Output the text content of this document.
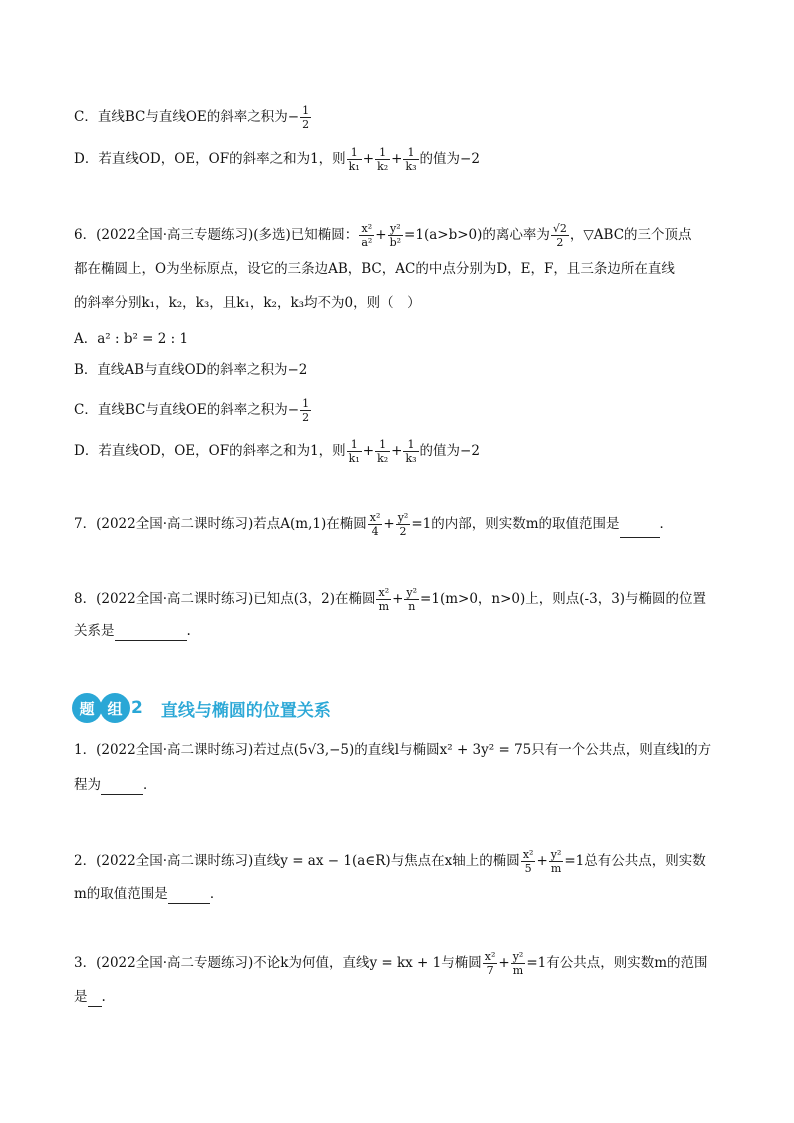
C．直线BC与直线OE的斜率之积为− $\frac{1}{2}$
D．若直线OD，OE，OF的斜率之和为1，则 $\frac{1}{\text{k₁}} + \frac{1}{\text{k₂}} + \frac{1}{\text{k₃}}$ 的值为−2
6．(2022全国·高三专题练习)(多选)已知椭圆： $\frac{\text{x²}}{\text{a²}} + \frac{\text{y²}}{\text{b²}} =1(a>b>0)$的离心率为 $\frac{√2}{2}$ ，▽ABC的三个顶点
都在椭圆上，O为坐标原点，设它的三条边AB，BC，AC的中点分别为D，E，F，且三条边所在直线
的斜率分别k₁，k₂，k₃，且k₁，k₂，k₃均不为0，则（　）
A．a² : b² = 2 : 1
B．直线AB与直线OD的斜率之积为−2
C．直线BC与直线OE的斜率之积为− $\frac{1}{2}$
D．若直线OD，OE，OF的斜率之和为1，则 $\frac{1}{\text{k₁}} + \frac{1}{\text{k₂}} + \frac{1}{\text{k₃}}$ 的值为−2
7．(2022全国·高二课时练习)若点A(m,1)在椭圆 $\frac{\text{x²}}{4} + \frac{\text{y²}}{2} =1$的内部，则实数m的取值范围是	．
8．(2022全国·高二课时练习)已知点(3，2)在椭圆 $\frac{\text{x²}}{m} + \frac{\text{y²}}{n} =1(m>0$，n>0)上，则点(-3，3)与椭圆的位置
关系是	.
题 组 2 直线与椭圆的位置关系
1．(2022全国·高二课时练习)若过点(5√3,−5)的直线l与椭圆x² + 3y² = 75只有一个公共点，则直线l的方
程为	．
2．(2022全国·高二课时练习)直线y = ax − 1(a∈R)与焦点在x轴上的椭圆 $\frac{\text{x²}}{5} + \frac{\text{y²}}{m} =1$总有公共点，则实数
m的取值范围是	．
3．(2022全国·高二专题练习)不论k为何值，直线y = kx + 1与椭圆 $\frac{\text{x²}}{7} + \frac{\text{y²}}{m} =1$有公共点，则实数m的范围
是 .
